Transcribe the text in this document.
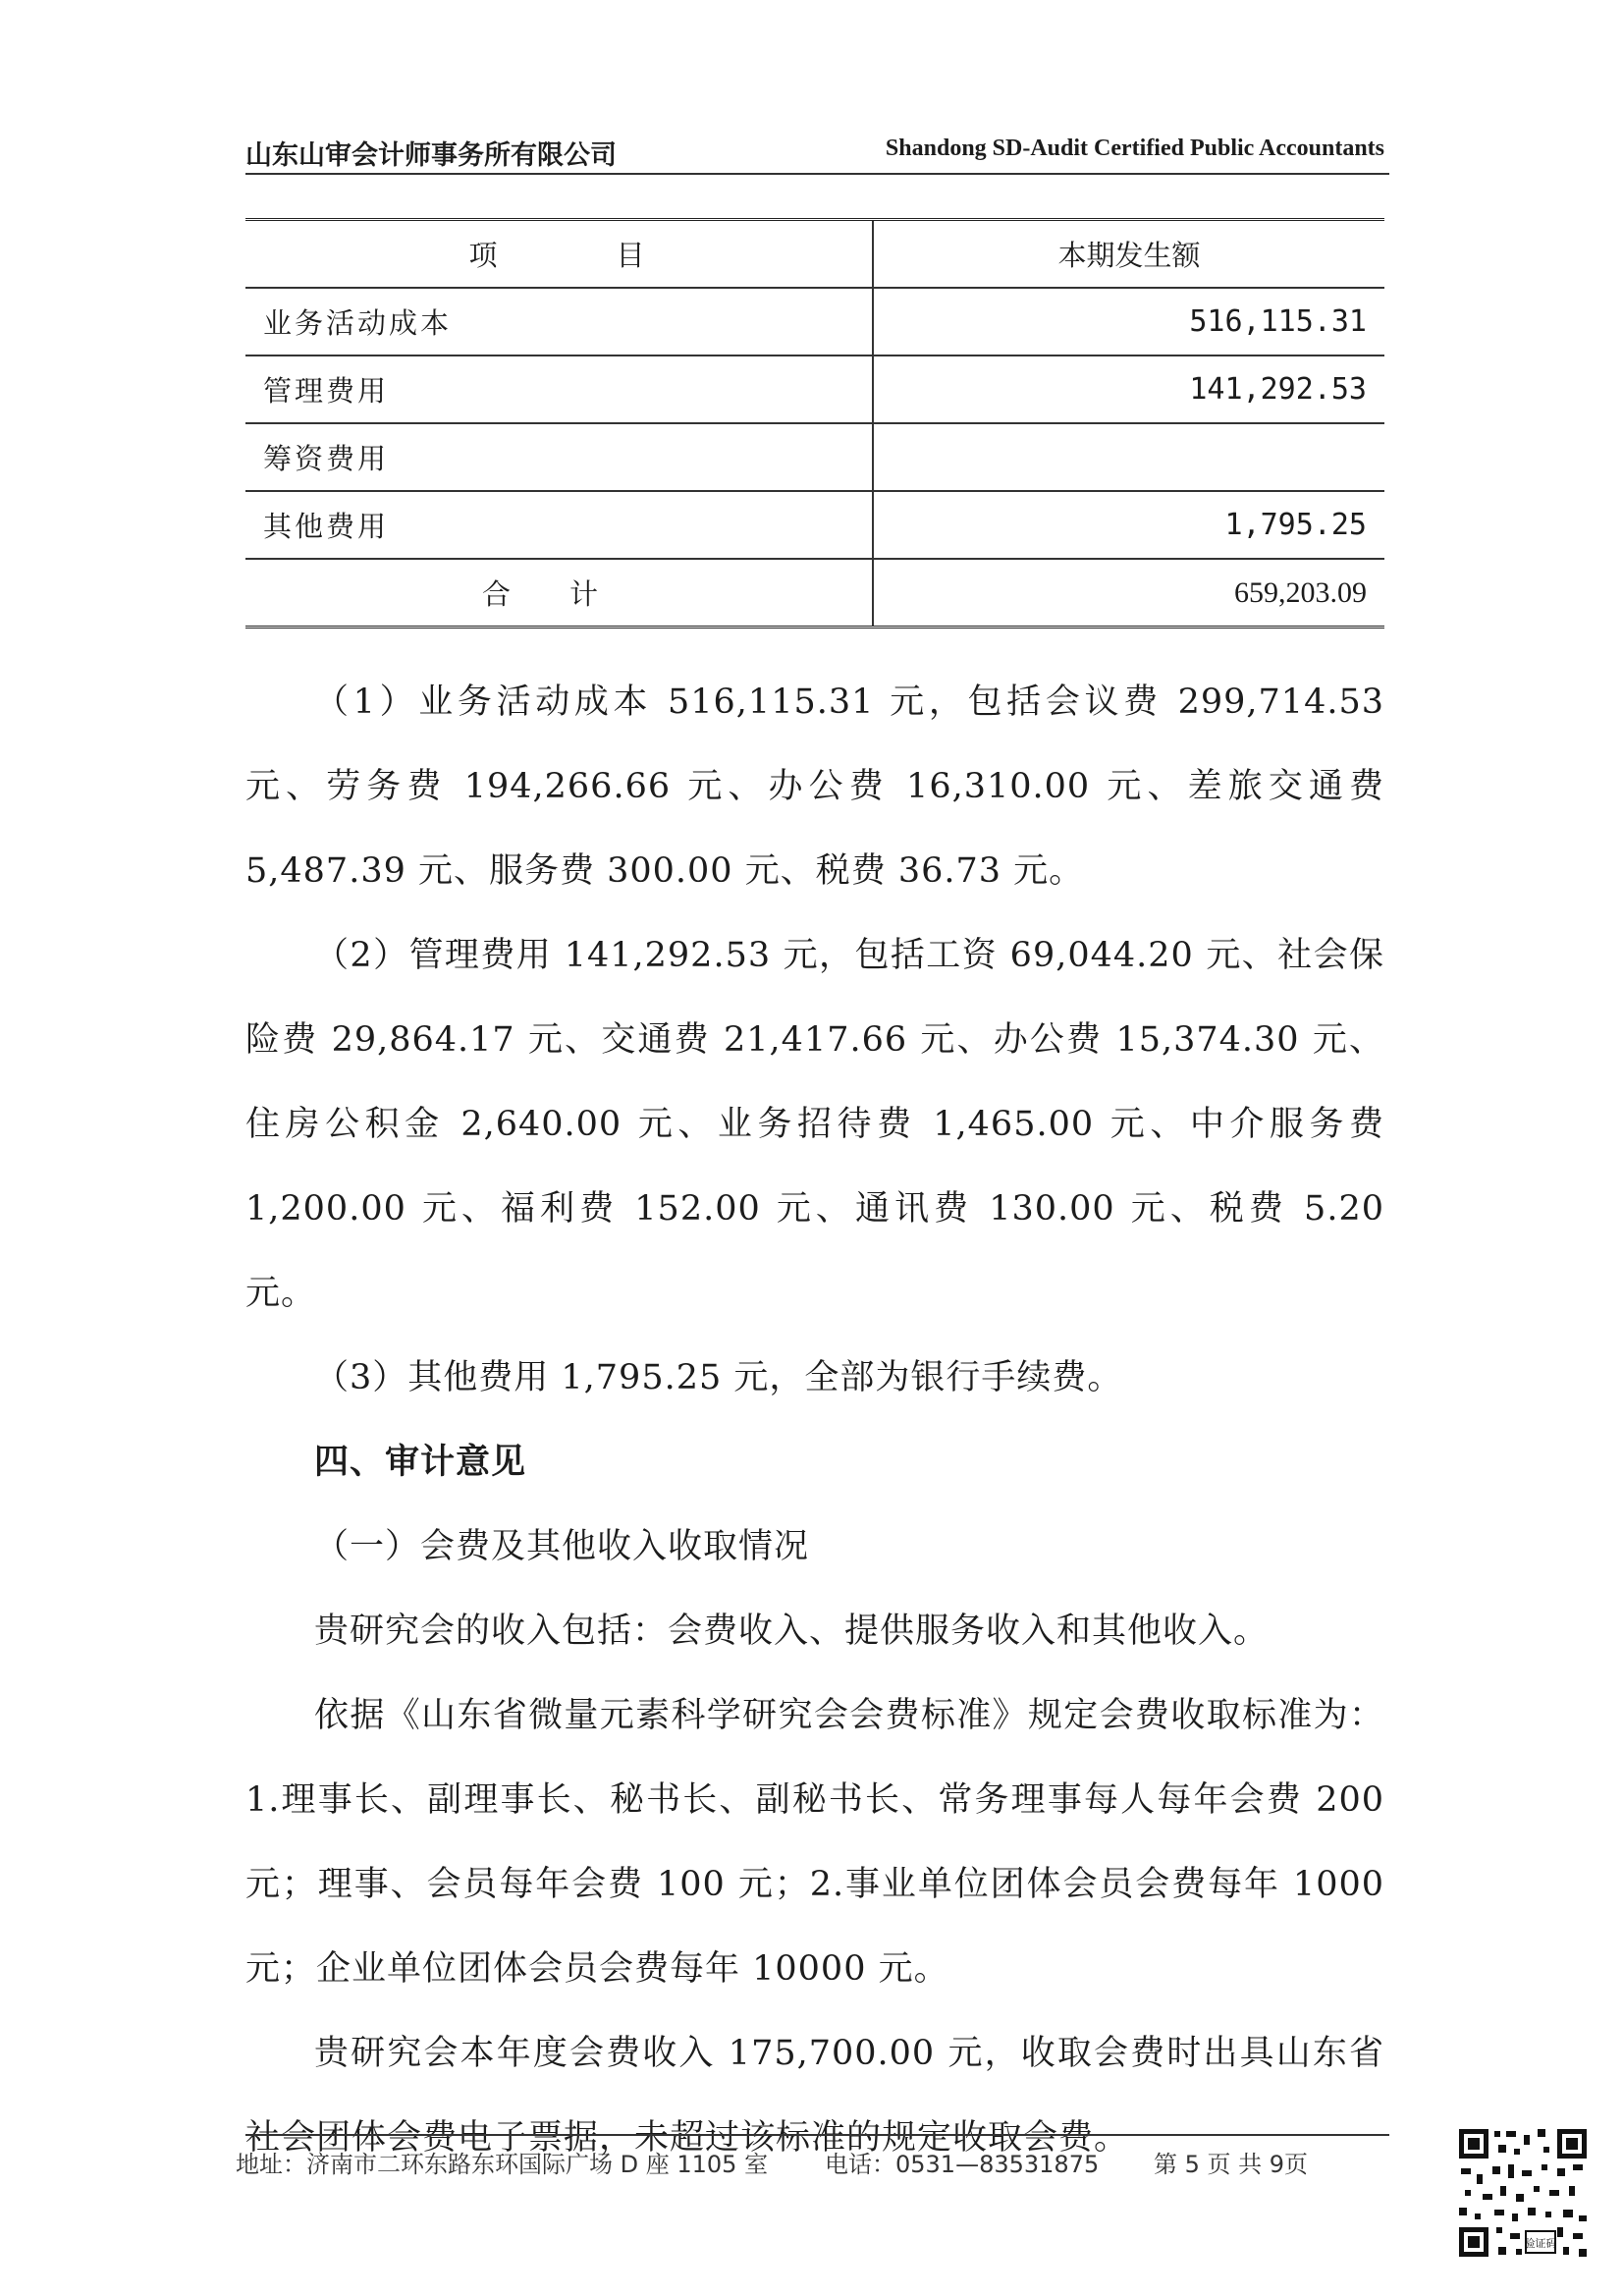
山东山审会计师事务所有限公司	Shandong SD-Audit Certified Public Accountants
项　目	本期发生额
业务活动成本	516,115.31
管理费用	141,292.53
筹资费用	
其他费用	1,795.25
合计	659,203.09

（1）业务活动成本 516,115.31 元，包括会议费 299,714.53 元、劳务费 194,266.66 元、办公费 16,310.00 元、差旅交通费 5,487.39 元、服务费 300.00 元、税费 36.73 元。

（2）管理费用 141,292.53 元，包括工资 69,044.20 元、社会保险费 29,864.17 元、交通费 21,417.66 元、办公费 15,374.30 元、住房公积金 2,640.00 元、业务招待费 1,465.00 元、中介服务费 1,200.00 元、福利费 152.00 元、通讯费 130.00 元、税费 5.20 元。

（3）其他费用 1,795.25 元，全部为银行手续费。

四、审计意见

（一）会费及其他收入收取情况

贵研究会的收入包括：会费收入、提供服务收入和其他收入。

依据《山东省微量元素科学研究会会费标准》规定会费收取标准为：1.理事长、副理事长、秘书长、副秘书长、常务理事每人每年会费 200 元；理事、会员每年会费 100 元；2.事业单位团体会员会费每年 1000 元；企业单位团体会员会费每年 10000 元。

贵研究会本年度会费收入 175,700.00 元，收取会费时出具山东省社会团体会费电子票据，未超过该标准的规定收取会费。

地址：济南市二环东路东环国际广场 D 座 1105 室 电话：0531—83531875 第 5 页 共 9页
验证码
